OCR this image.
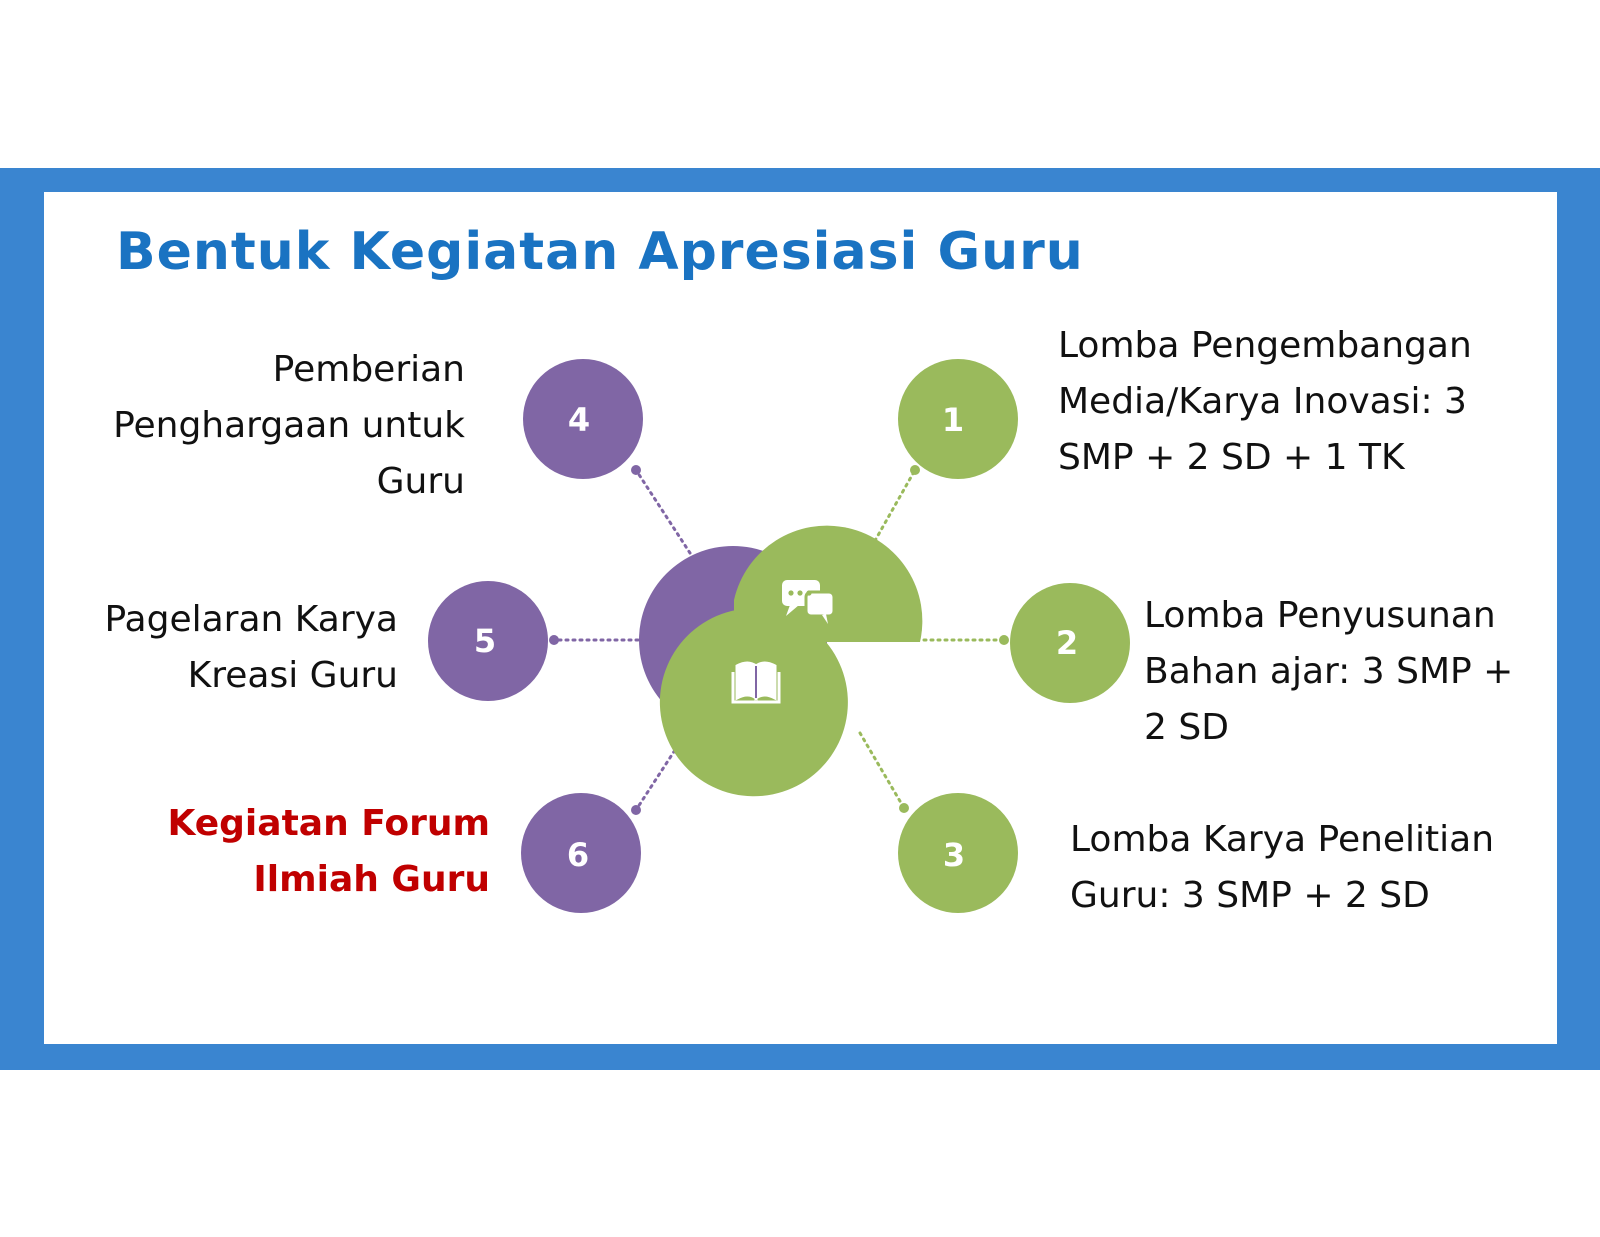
Bentuk Kegiatan Apresiasi Guru
1
2
3
4
5
6
Lomba Pengembangan
Media/Karya Inovasi: 3
SMP + 2 SD + 1 TK
Lomba Penyusunan
Bahan ajar: 3 SMP +
2 SD
Lomba Karya Penelitian
Guru: 3 SMP + 2 SD
Pemberian
Penghargaan untuk
Guru
Pagelaran Karya
Kreasi Guru
Kegiatan Forum
Ilmiah Guru
